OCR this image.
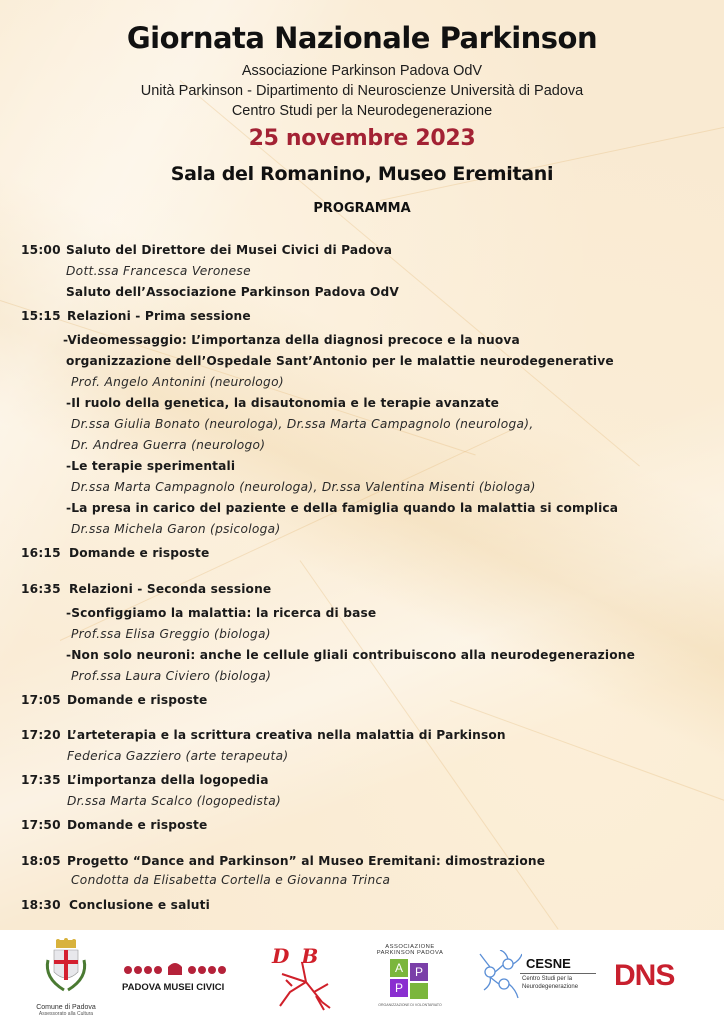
Giornata Nazionale Parkinson
Associazione Parkinson Padova OdV
Unità Parkinson - Dipartimento di Neuroscienze Università di Padova
Centro Studi per la Neurodegenerazione
25 novembre 2023
Sala del Romanino, Museo Eremitani
PROGRAMMA
15:00 Saluto del Direttore dei Musei Civici di Padova
Dott.ssa Francesca Veronese
Saluto dell’Associazione Parkinson Padova OdV
15:15 Relazioni - Prima sessione
-Videomessaggio: L’importanza della diagnosi precoce e la nuova
organizzazione dell’Ospedale Sant’Antonio per le malattie neurodegenerative
Prof. Angelo Antonini (neurologo)
-Il ruolo della genetica, la disautonomia e le terapie avanzate
Dr.ssa Giulia Bonato (neurologa), Dr.ssa Marta Campagnolo (neurologa),
Dr. Andrea Guerra (neurologo)
-Le terapie sperimentali
Dr.ssa Marta Campagnolo (neurologa), Dr.ssa Valentina Misenti (biologa)
-La presa in carico del paziente e della famiglia quando la malattia si complica
Dr.ssa Michela Garon (psicologa)
16:15 Domande e risposte
16:35 Relazioni - Seconda sessione
-Sconfiggiamo la malattia: la ricerca di base
Prof.ssa Elisa Greggio (biologa)
-Non solo neuroni: anche le cellule gliali contribuiscono alla neurodegenerazione
Prof.ssa Laura Civiero (biologa)
17:05 Domande e risposte
17:20 L’arteterapia e la scrittura creativa nella malattia di Parkinson
Federica Gazziero (arte terapeuta)
17:35 L’importanza della logopedia
Dr.ssa Marta Scalco (logopedista)
17:50 Domande e risposte
18:05 Progetto “Dance and Parkinson” al Museo Eremitani: dimostrazione
Condotta da Elisabetta Cortella e Giovanna Trinca
18:30 Conclusione e saluti
Comune di Padova
Assessorato alla Cultura
PADOVA MUSEI CIVICI
DB	ASSOCIAZIONE
PARKINSON PADOVA
A P
P
ORGANIZZAZIONE DI VOLONTARIATO
CESNE
Centro Studi per la
Neurodegenerazione DNS
